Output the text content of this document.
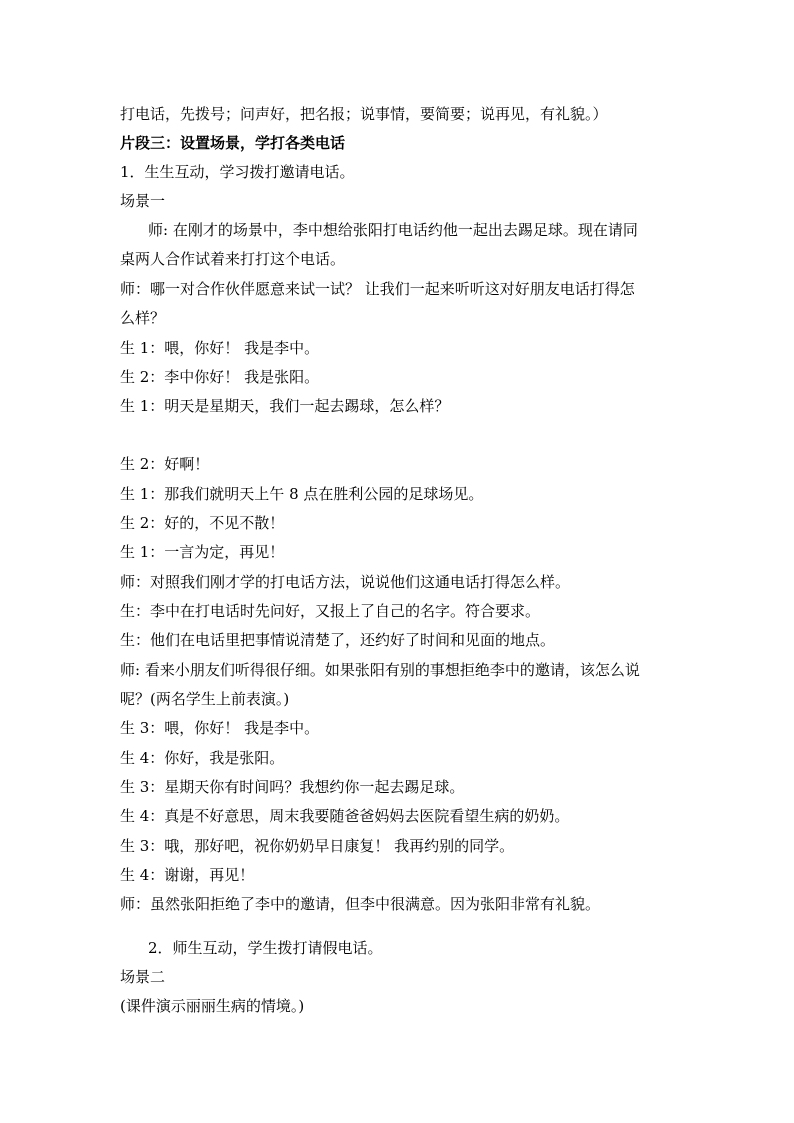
打电话，先拨号；问声好，把名报；说事情，要简要；说再见，有礼貌。）
片段三：设置场景，学打各类电话
1．生生互动，学习拨打邀请电话。
场景一
师: 在刚才的场景中，李中想给张阳打电话约他一起出去踢足球。现在请同
桌两人合作试着来打打这个电话。
师：哪一对合作伙伴愿意来试一试？ 让我们一起来听听这对好朋友电话打得怎
么样？
生 1：喂，你好！ 我是李中。
生 2：李中你好！ 我是张阳。
生 1：明天是星期天，我们一起去踢球，怎么样？
生 2：好啊！
生 1：那我们就明天上午 8 点在胜利公园的足球场见。
生 2：好的，不见不散！
生 1：一言为定，再见！
师：对照我们刚才学的打电话方法，说说他们这通电话打得怎么样。
生：李中在打电话时先问好，又报上了自己的名字。符合要求。
生：他们在电话里把事情说清楚了，还约好了时间和见面的地点。
师: 看来小朋友们听得很仔细。如果张阳有别的事想拒绝李中的邀请，该怎么说
呢？(两名学生上前表演。)
生 3：喂，你好！ 我是李中。
生 4：你好，我是张阳。
生 3：星期天你有时间吗？我想约你一起去踢足球。
生 4：真是不好意思，周末我要随爸爸妈妈去医院看望生病的奶奶。
生 3：哦，那好吧，祝你奶奶早日康复！ 我再约别的同学。
生 4：谢谢，再见！
师：虽然张阳拒绝了李中的邀请，但李中很满意。因为张阳非常有礼貌。
2．师生互动，学生拨打请假电话。
场景二
(课件演示丽丽生病的情境。)
